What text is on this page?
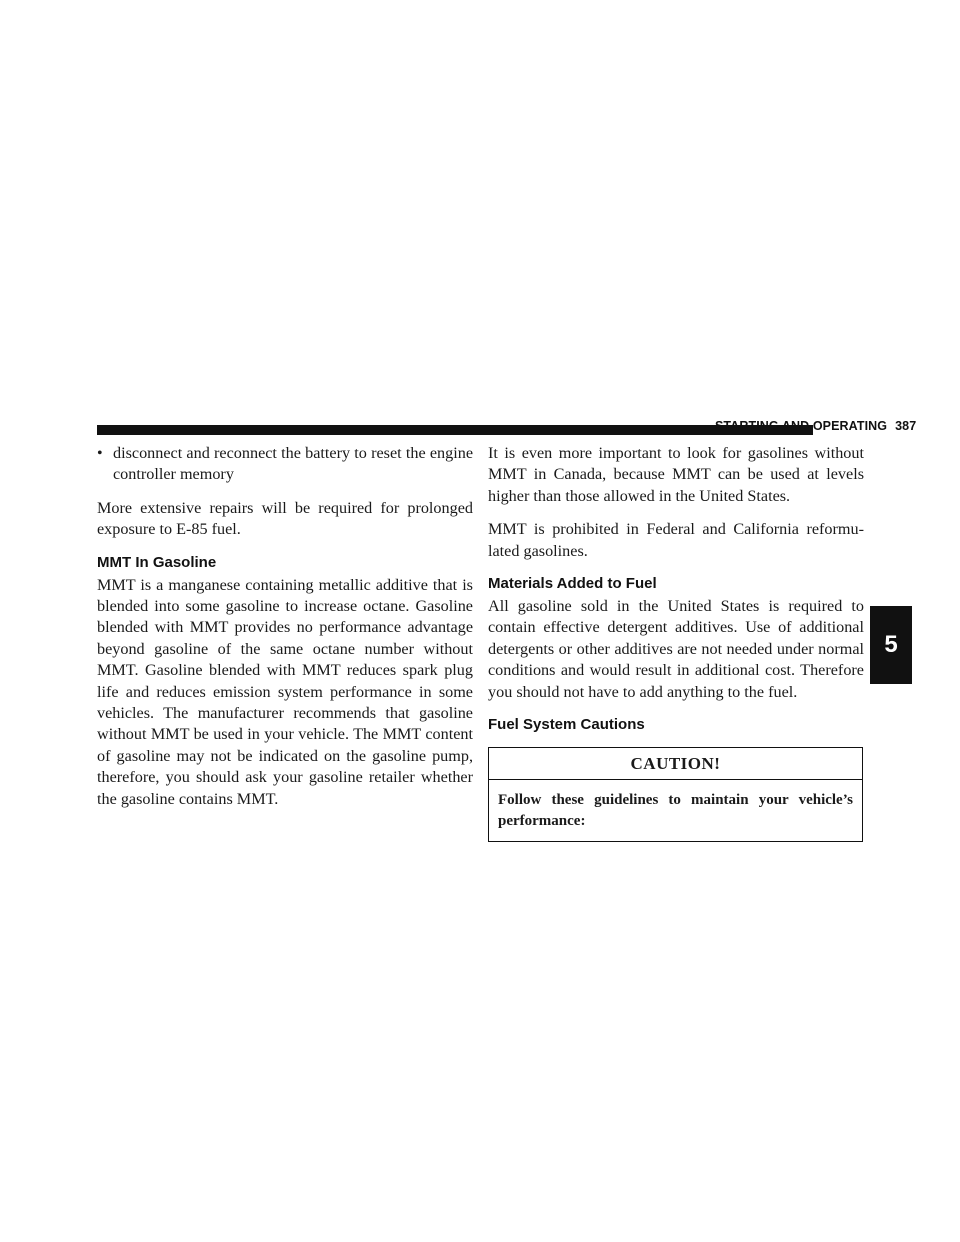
STARTING AND OPERATING 387
5
• disconnect and reconnect the battery to reset the engine controller memory

More extensive repairs will be required for prolonged exposure to E-85 fuel.

MMT In Gasoline

MMT is a manganese containing metallic additive that is blended into some gasoline to increase octane. Gasoline blended with MMT provides no performance advantage beyond gasoline of the same octane number without MMT. Gasoline blended with MMT reduces spark plug life and reduces emission system performance in some vehicles. The manufacturer recommends that gasoline without MMT be used in your vehicle. The MMT content of gasoline may not be indicated on the gasoline pump, therefore, you should ask your gasoline retailer whether the gasoline contains MMT.

It is even more important to look for gasolines without MMT in Canada, because MMT can be used at levels higher than those allowed in the United States.

MMT is prohibited in Federal and California reformu-lated gasolines.

Materials Added to Fuel

All gasoline sold in the United States is required to contain effective detergent additives. Use of additional detergents or other additives are not needed under normal conditions and would result in additional cost. Therefore you should not have to add anything to the fuel.

Fuel System Cautions
CAUTION!
Follow these guidelines to maintain your vehicle’s performance:
